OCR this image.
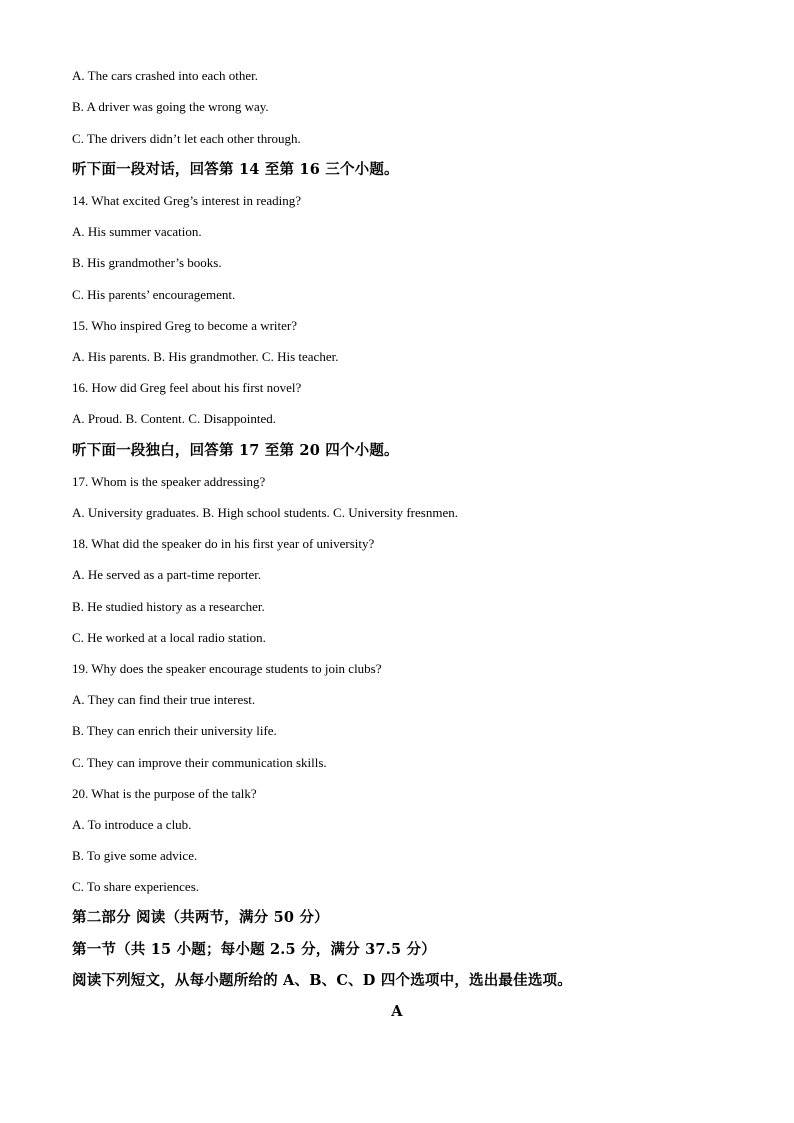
A. The cars crashed into each other.
B. A driver was going the wrong way.
C. The drivers didn’t let each other through.
听下面一段对话，回答第 14 至第 16 三个小题。
14. What excited Greg’s interest in reading?
A. His summer vacation.
B. His grandmother’s books.
C. His parents’ encouragement.
15. Who inspired Greg to become a writer?
A. His parents. B. His grandmother. C. His teacher.
16. How did Greg feel about his first novel?
A. Proud. B. Content. C. Disappointed.
听下面一段独白，回答第 17 至第 20 四个小题。
17. Whom is the speaker addressing?
A. University graduates. B. High school students. C. University fresnmen.
18. What did the speaker do in his first year of university?
A. He served as a part-time reporter.
B. He studied history as a researcher.
C. He worked at a local radio station.
19. Why does the speaker encourage students to join clubs?
A. They can find their true interest.
B. They can enrich their university life.
C. They can improve their communication skills.
20. What is the purpose of the talk?
A. To introduce a club.
B. To give some advice.
C. To share experiences.
第二部分 阅读（共两节，满分 50 分）
第一节（共 15 小题；每小题 2.5 分，满分 37.5 分）
阅读下列短文，从每小题所给的 A、B、C、D 四个选项中，选出最佳选项。
A
